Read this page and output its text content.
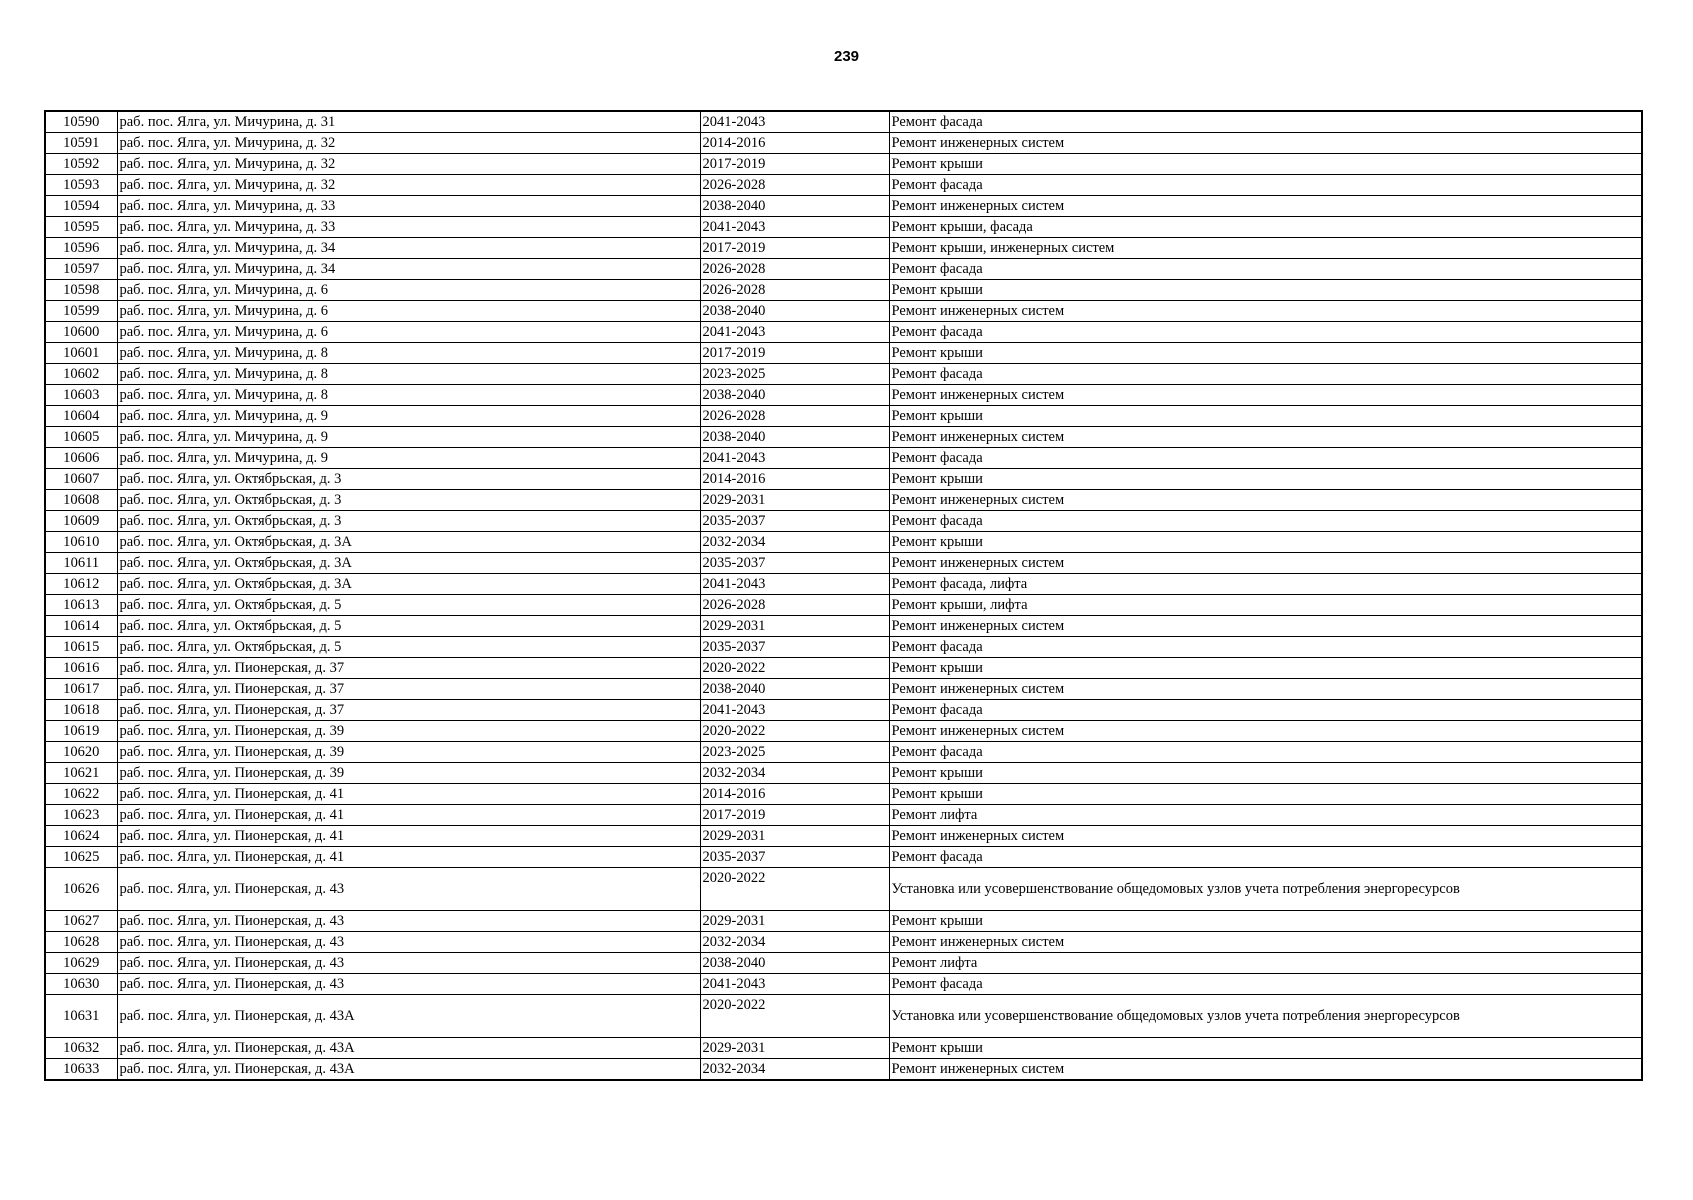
239
10590	раб. пос. Ялга, ул. Мичурина, д. 31	2041-2043	Ремонт фасада
10591	раб. пос. Ялга, ул. Мичурина, д. 32	2014-2016	Ремонт инженерных систем
10592	раб. пос. Ялга, ул. Мичурина, д. 32	2017-2019	Ремонт крыши
10593	раб. пос. Ялга, ул. Мичурина, д. 32	2026-2028	Ремонт фасада
10594	раб. пос. Ялга, ул. Мичурина, д. 33	2038-2040	Ремонт инженерных систем
10595	раб. пос. Ялга, ул. Мичурина, д. 33	2041-2043	Ремонт крыши, фасада
10596	раб. пос. Ялга, ул. Мичурина, д. 34	2017-2019	Ремонт крыши, инженерных систем
10597	раб. пос. Ялга, ул. Мичурина, д. 34	2026-2028	Ремонт фасада
10598	раб. пос. Ялга, ул. Мичурина, д. 6	2026-2028	Ремонт крыши
10599	раб. пос. Ялга, ул. Мичурина, д. 6	2038-2040	Ремонт инженерных систем
10600	раб. пос. Ялга, ул. Мичурина, д. 6	2041-2043	Ремонт фасада
10601	раб. пос. Ялга, ул. Мичурина, д. 8	2017-2019	Ремонт крыши
10602	раб. пос. Ялга, ул. Мичурина, д. 8	2023-2025	Ремонт фасада
10603	раб. пос. Ялга, ул. Мичурина, д. 8	2038-2040	Ремонт инженерных систем
10604	раб. пос. Ялга, ул. Мичурина, д. 9	2026-2028	Ремонт крыши
10605	раб. пос. Ялга, ул. Мичурина, д. 9	2038-2040	Ремонт инженерных систем
10606	раб. пос. Ялга, ул. Мичурина, д. 9	2041-2043	Ремонт фасада
10607	раб. пос. Ялга, ул. Октябрьская, д. 3	2014-2016	Ремонт крыши
10608	раб. пос. Ялга, ул. Октябрьская, д. 3	2029-2031	Ремонт инженерных систем
10609	раб. пос. Ялга, ул. Октябрьская, д. 3	2035-2037	Ремонт фасада
10610	раб. пос. Ялга, ул. Октябрьская, д. 3А	2032-2034	Ремонт крыши
10611	раб. пос. Ялга, ул. Октябрьская, д. 3А	2035-2037	Ремонт инженерных систем
10612	раб. пос. Ялга, ул. Октябрьская, д. 3А	2041-2043	Ремонт фасада, лифта
10613	раб. пос. Ялга, ул. Октябрьская, д. 5	2026-2028	Ремонт крыши, лифта
10614	раб. пос. Ялга, ул. Октябрьская, д. 5	2029-2031	Ремонт инженерных систем
10615	раб. пос. Ялга, ул. Октябрьская, д. 5	2035-2037	Ремонт фасада
10616	раб. пос. Ялга, ул. Пионерская, д. 37	2020-2022	Ремонт крыши
10617	раб. пос. Ялга, ул. Пионерская, д. 37	2038-2040	Ремонт инженерных систем
10618	раб. пос. Ялга, ул. Пионерская, д. 37	2041-2043	Ремонт фасада
10619	раб. пос. Ялга, ул. Пионерская, д. 39	2020-2022	Ремонт инженерных систем
10620	раб. пос. Ялга, ул. Пионерская, д. 39	2023-2025	Ремонт фасада
10621	раб. пос. Ялга, ул. Пионерская, д. 39	2032-2034	Ремонт крыши
10622	раб. пос. Ялга, ул. Пионерская, д. 41	2014-2016	Ремонт крыши
10623	раб. пос. Ялга, ул. Пионерская, д. 41	2017-2019	Ремонт лифта
10624	раб. пос. Ялга, ул. Пионерская, д. 41	2029-2031	Ремонт инженерных систем
10625	раб. пос. Ялга, ул. Пионерская, д. 41	2035-2037	Ремонт фасада
10626	раб. пос. Ялга, ул. Пионерская, д. 43	2020-2022	Установка или усовершенствование общедомовых узлов учета потребления энергоресурсов
10627	раб. пос. Ялга, ул. Пионерская, д. 43	2029-2031	Ремонт крыши
10628	раб. пос. Ялга, ул. Пионерская, д. 43	2032-2034	Ремонт инженерных систем
10629	раб. пос. Ялга, ул. Пионерская, д. 43	2038-2040	Ремонт лифта
10630	раб. пос. Ялга, ул. Пионерская, д. 43	2041-2043	Ремонт фасада
10631	раб. пос. Ялга, ул. Пионерская, д. 43А	2020-2022	Установка или усовершенствование общедомовых узлов учета потребления энергоресурсов
10632	раб. пос. Ялга, ул. Пионерская, д. 43А	2029-2031	Ремонт крыши
10633	раб. пос. Ялга, ул. Пионерская, д. 43А	2032-2034	Ремонт инженерных систем
